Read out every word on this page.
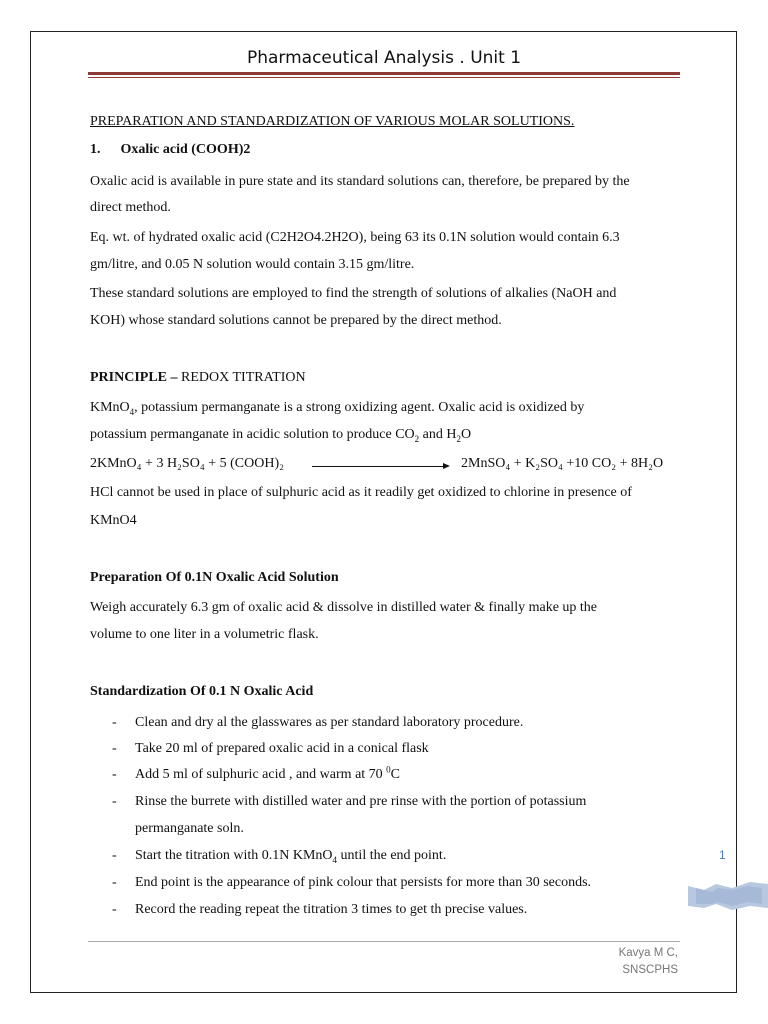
Pharmaceutical Analysis . Unit 1
PREPARATION AND STANDARDIZATION OF VARIOUS MOLAR SOLUTIONS.
1. Oxalic acid (COOH)2
Oxalic acid is available in pure state and its standard solutions can, therefore, be prepared by the
direct method.
Eq. wt. of hydrated oxalic acid (C2H2O4.2H2O), being 63 its 0.1N solution would contain 6.3
gm/litre, and 0.05 N solution would contain 3.15 gm/litre.
These standard solutions are employed to find the strength of solutions of alkalies (NaOH and
KOH) whose standard solutions cannot be prepared by the direct method.
PRINCIPLE – REDOX TITRATION
KMnO$_4$, potassium permanganate is a strong oxidizing agent. Oxalic acid is oxidized by
potassium permanganate in acidic solution to produce $CO_2$ and $H_2O$
2KMnO₄ + 3 H₂SO₄ + 5 (COOH)₂	2MnSO₄ + K₂SO₄ +10 CO₂ + 8H₂O
HCl cannot be used in place of sulphuric acid as it readily get oxidized to chlorine in presence of
KMnO4
Preparation Of 0.1N Oxalic Acid Solution
Weigh accurately 6.3 gm of oxalic acid & dissolve in distilled water & finally make up the
volume to one liter in a volumetric flask.
Standardization Of 0.1 N Oxalic Acid
- Clean and dry al the glasswares as per standard laboratory procedure.
- Take 20 ml of prepared oxalic acid in a conical flask
- Add 5 ml of sulphuric acid , and warm at 70 $^0$C
- Rinse the burrete with distilled water and pre rinse with the portion of potassium
permanganate soln.
- Start the titration with 0.1N KMnO$_4$ until the end point.
- End point is the appearance of pink colour that persists for more than 30 seconds.
- Record the reading repeat the titration 3 times to get th precise values.
1
Kavya M C,
SNSCPHS
